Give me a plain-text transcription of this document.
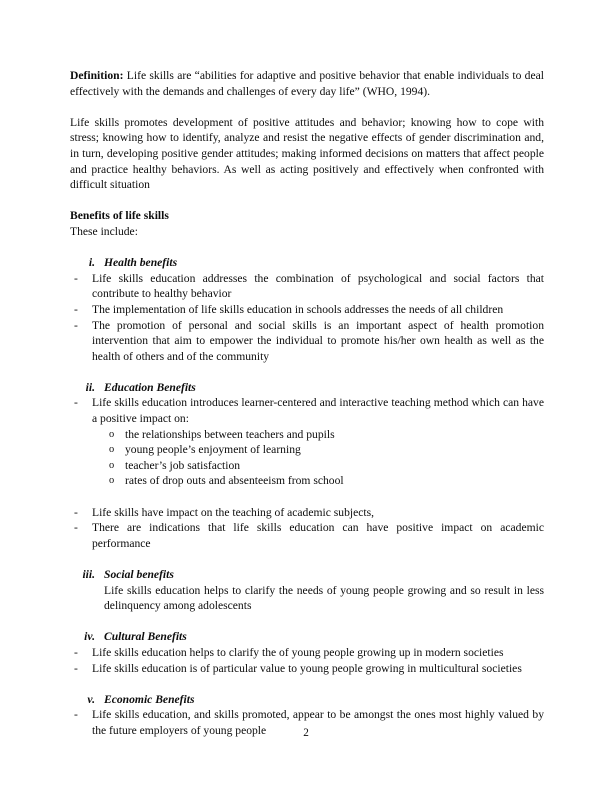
Definition: Life skills are “abilities for adaptive and positive behavior that enable individuals to deal effectively with the demands and challenges of every day life” (WHO, 1994).

Life skills promotes development of positive attitudes and behavior; knowing how to cope with stress; knowing how to identify, analyze and resist the negative effects of gender discrimination and, in turn, developing positive gender attitudes; making informed decisions on matters that affect people and practice healthy behaviors. As well as acting positively and effectively when confronted with difficult situation

Benefits of life skills

These include:

i. Health benefits

- Life skills education addresses the combination of psychological and social factors that contribute to healthy behavior
- The implementation of life skills education in schools addresses the needs of all children
- The promotion of personal and social skills is an important aspect of health promotion intervention that aim to empower the individual to promote his/her own health as well as the health of others and of the community
ii. Education Benefits

- Life skills education introduces learner-centered and interactive teaching method which can have a positive impact on:
o the relationships between teachers and pupils
o young people’s enjoyment of learning
o teacher’s job satisfaction
o rates of drop outs and absenteeism from school
- Life skills have impact on the teaching of academic subjects,
- There are indications that life skills education can have positive impact on academic performance
iii. Social benefits

Life skills education helps to clarify the needs of young people growing and so result in less delinquency among adolescents

iv. Cultural Benefits

- Life skills education helps to clarify the of young people growing up in modern societies
- Life skills education is of particular value to young people growing in multicultural societies
v. Economic Benefits

- Life skills education, and skills promoted, appear to be amongst the ones most highly valued by the future employers of young people	2
